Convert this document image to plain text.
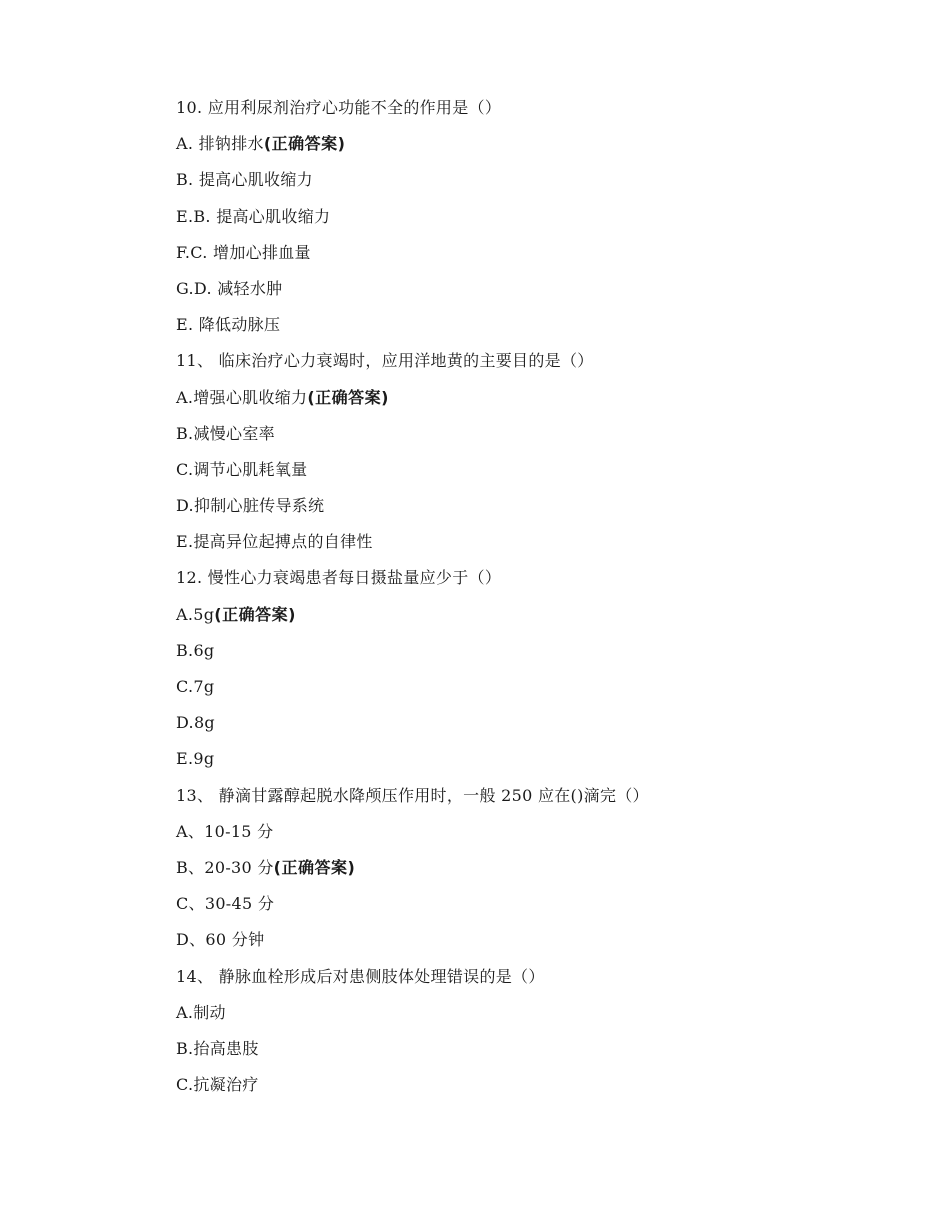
10. 应用利尿剂治疗心功能不全的作用是（）
A. 排钠排水(正确答案)
B. 提高心肌收缩力
E.B. 提高心肌收缩力
F.C. 增加心排血量
G.D. 减轻水肿
E. 降低动脉压
11、 临床治疗心力衰竭时，应用洋地黄的主要目的是（）
A.增强心肌收缩力(正确答案)
B.减慢心室率
C.调节心肌耗氧量
D.抑制心脏传导系统
E.提高异位起搏点的自律性
12. 慢性心力衰竭患者每日摄盐量应少于（）
A.5g(正确答案)
B.6g
C.7g
D.8g
E.9g
13、 静滴甘露醇起脱水降颅压作用时，一般 250 应在()滴完（）
A、10-15 分
B、20-30 分(正确答案)
C、30-45 分
D、60 分钟
14、 静脉血栓形成后对患侧肢体处理错误的是（）
A.制动
B.抬高患肢
C.抗凝治疗
